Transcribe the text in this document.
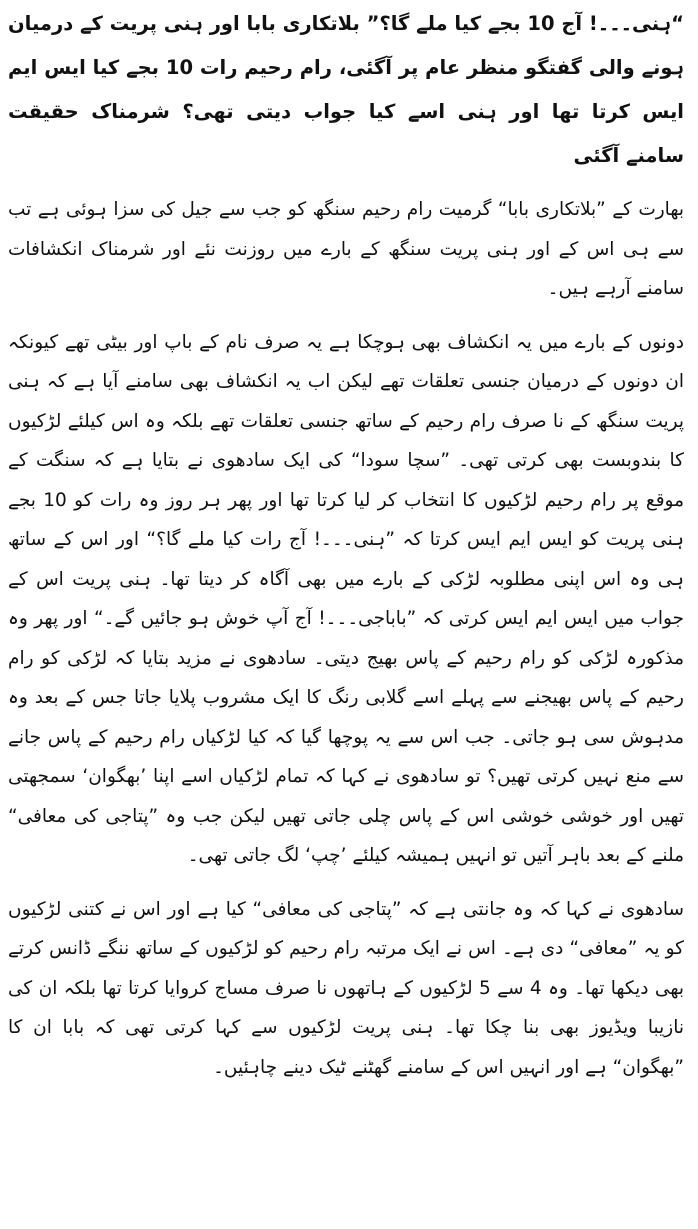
“ہنی۔۔۔! آج 10 بجے کیا ملے گا؟” بلاتکاری بابا اور ہنی پریت کے درمیان ہونے والی گفتگو منظر عام پر آگئی، رام رحیم رات 10 بجے کیا ایس ایم ایس کرتا تھا اور ہنی اسے کیا جواب دیتی تھی؟ شرمناک حقیقت سامنے آگئی

بھارت کے ”بلاتکاری بابا“ گرمیت رام رحیم سنگھ کو جب سے جیل کی سزا ہوئی ہے تب سے ہی اس کے اور ہنی پریت سنگھ کے بارے میں روزنت نئے اور شرمناک انکشافات سامنے آرہے ہیں۔

دونوں کے بارے میں یہ انکشاف بھی ہوچکا ہے یہ صرف نام کے باپ اور بیٹی تھے کیونکہ ان دونوں کے درمیان جنسی تعلقات تھے لیکن اب یہ انکشاف بھی سامنے آیا ہے کہ ہنی پریت سنگھ کے نا صرف رام رحیم کے ساتھ جنسی تعلقات تھے بلکہ وہ اس کیلئے لڑکیوں کا بندوبست بھی کرتی تھی۔ ”سچا سودا“ کی ایک سادھوی نے بتایا ہے کہ سنگت کے موقع پر رام رحیم لڑکیوں کا انتخاب کر لیا کرتا تھا اور پھر ہر روز وہ رات کو 10 بجے ہنی پریت کو ایس ایم ایس کرتا کہ ”ہنی۔۔۔! آج رات کیا ملے گا؟“ اور اس کے ساتھ ہی وہ اس اپنی مطلوبہ لڑکی کے بارے میں بھی آگاہ کر دیتا تھا۔ ہنی پریت اس کے جواب میں ایس ایم ایس کرتی کہ ”باباجی۔۔۔! آج آپ خوش ہو جائیں گے۔“ اور پھر وہ مذکورہ لڑکی کو رام رحیم کے پاس بھیج دیتی۔ سادھوی نے مزید بتایا کہ لڑکی کو رام رحیم کے پاس بھیجنے سے پہلے اسے گلابی رنگ کا ایک مشروب پلایا جاتا جس کے بعد وہ مدہوش سی ہو جاتی۔ جب اس سے یہ پوچھا گیا کہ کیا لڑکیاں رام رحیم کے پاس جانے سے منع نہیں کرتی تھیں؟ تو سادھوی نے کہا کہ تمام لڑکیاں اسے اپنا ’بھگوان‘ سمجھتی تھیں اور خوشی خوشی اس کے پاس چلی جاتی تھیں لیکن جب وہ ”پتاجی کی معافی“ ملنے کے بعد باہر آتیں تو انہیں ہمیشہ کیلئے ’چپ‘ لگ جاتی تھی۔

سادھوی نے کہا کہ وہ جانتی ہے کہ ”پتاجی کی معافی“ کیا ہے اور اس نے کتنی لڑکیوں کو یہ ”معافی“ دی ہے۔ اس نے ایک مرتبہ رام رحیم کو لڑکیوں کے ساتھ ننگے ڈانس کرتے بھی دیکھا تھا۔ وہ 4 سے 5 لڑکیوں کے ہاتھوں نا صرف مساج کروایا کرتا تھا بلکہ ان کی نازیبا ویڈیوز بھی بنا چکا تھا۔ ہنی پریت لڑکیوں سے کہا کرتی تھی کہ بابا ان کا ”بھگوان“ ہے اور انہیں اس کے سامنے گھٹنے ٹیک دینے چاہئیں۔
